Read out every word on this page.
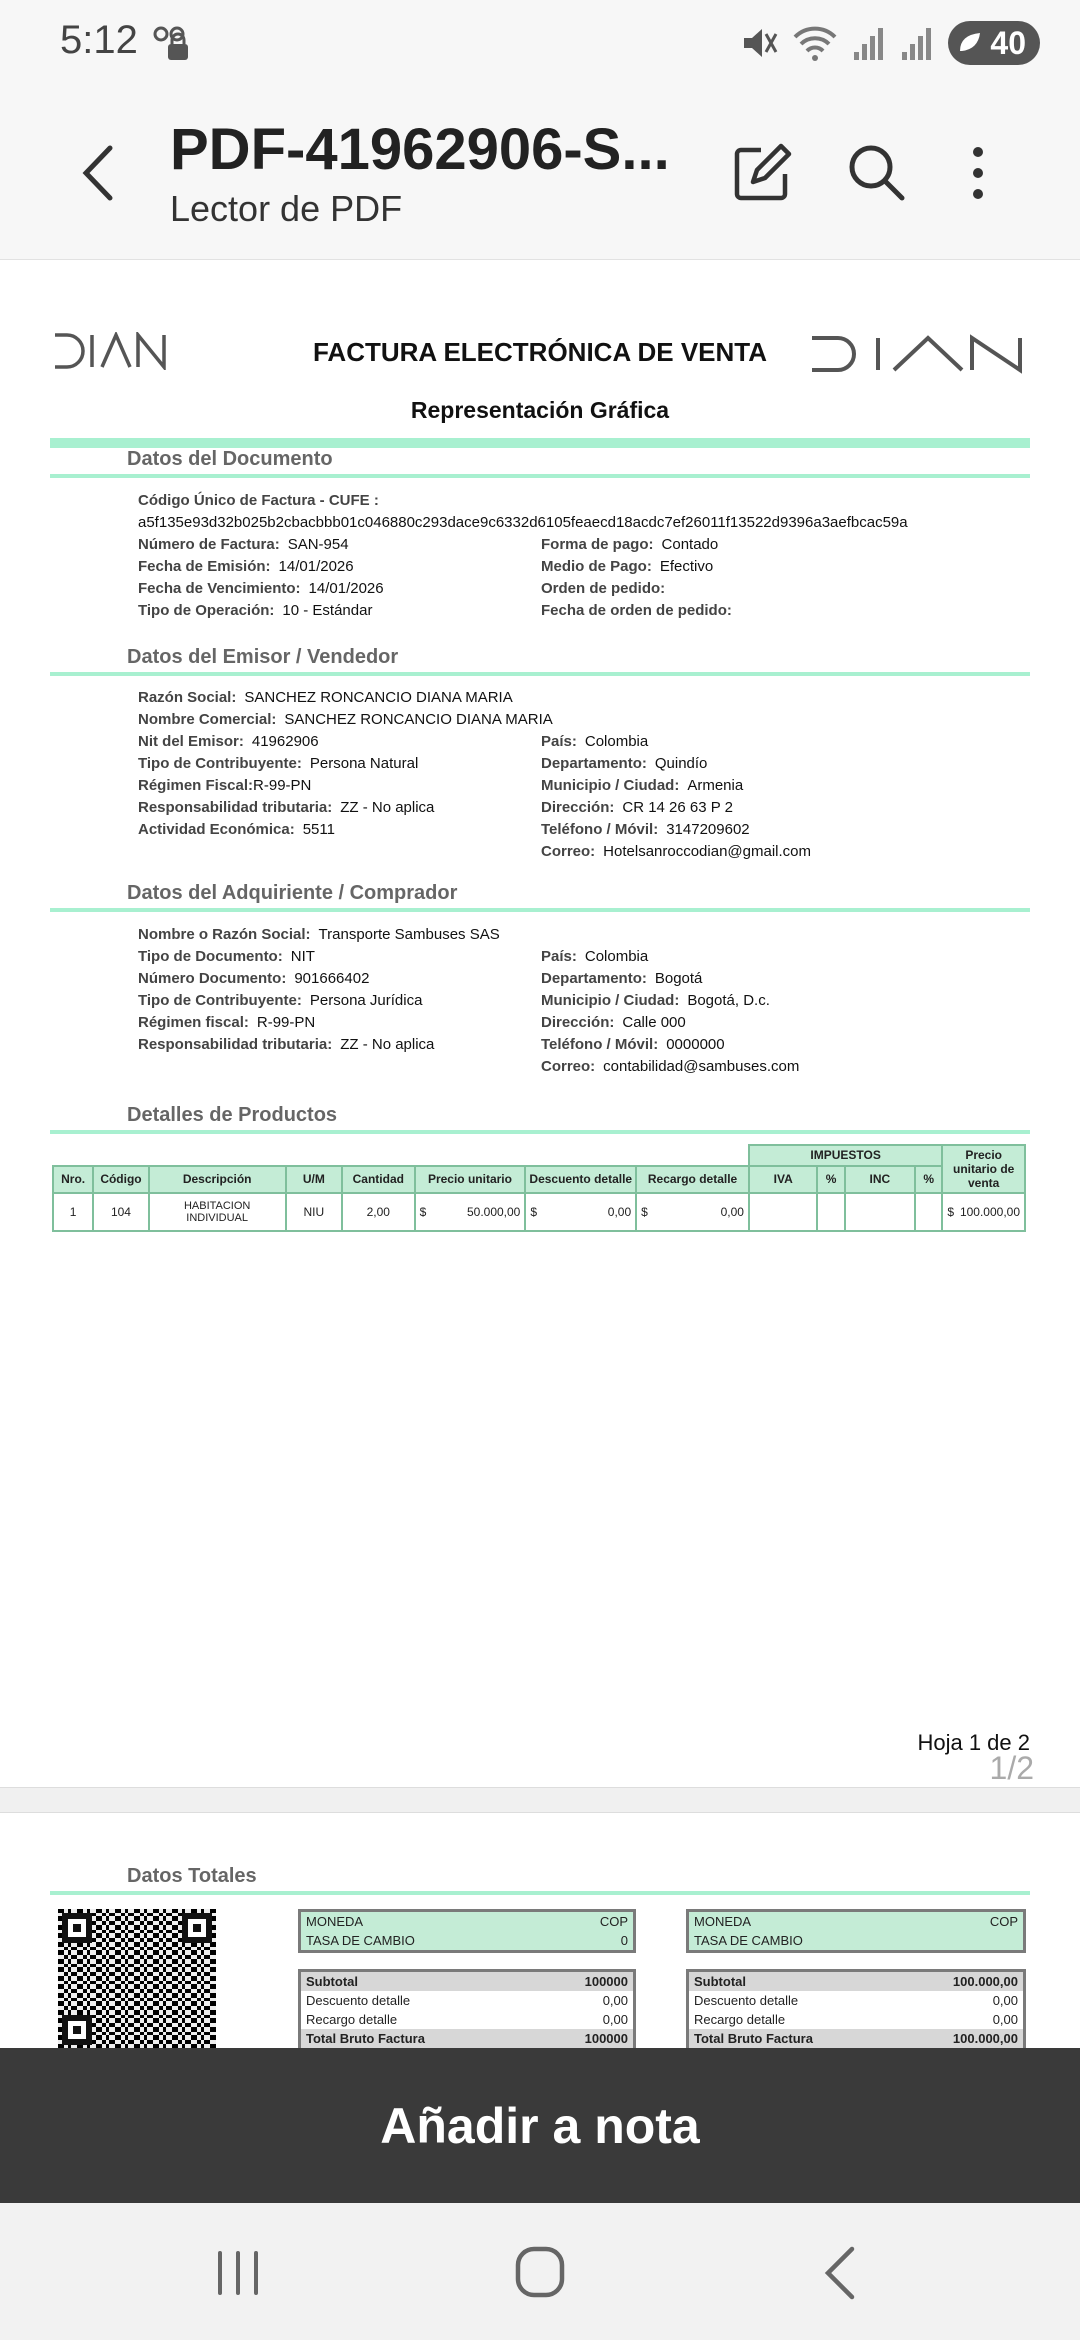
5:12	40
PDF-41962906-S...
Lector de PDF
FACTURA ELECTRÓNICA DE VENTA
Representación Gráfica
Datos del Documento
Código Único de Factura - CUFE :
a5f135e93d32b025b2cbacbbb01c046880c293dace9c6332d6105feaecd18acdc7ef26011f13522d9396a3aefbcac59a
Número de Factura: SAN-954
Fecha de Emisión: 14/01/2026
Fecha de Vencimiento: 14/01/2026
Tipo de Operación: 10 - Estándar
Forma de pago: Contado
Medio de Pago: Efectivo
Orden de pedido:
Fecha de orden de pedido:
Datos del Emisor / Vendedor
Razón Social: SANCHEZ RONCANCIO DIANA MARIA
Nombre Comercial: SANCHEZ RONCANCIO DIANA MARIA
Nit del Emisor: 41962906
Tipo de Contribuyente: Persona Natural
Régimen Fiscal:R-99-PN
Responsabilidad tributaria: ZZ - No aplica
Actividad Económica: 5511
País: Colombia
Departamento: Quindío
Municipio / Ciudad: Armenia
Dirección: CR 14 26 63 P 2
Teléfono / Móvil: 3147209602
Correo: Hotelsanroccodian@gmail.com
Datos del Adquiriente / Comprador
Nombre o Razón Social: Transporte Sambuses SAS
Tipo de Documento: NIT
Número Documento: 901666402
Tipo de Contribuyente: Persona Jurídica
Régimen fiscal: R-99-PN
Responsabilidad tributaria: ZZ - No aplica
País: Colombia
Departamento: Bogotá
Municipio / Ciudad: Bogotá, D.c.
Dirección: Calle 000
Teléfono / Móvil: 0000000
Correo: contabilidad@sambuses.com
Detalles de Productos
								IMPUESTOS				Precio unitario de venta
Nro.	Código	Descripción	U/M	Cantidad	Precio unitario	Descuento detalle	Recargo detalle	IVA	%	INC	%	
1	104	HABITACION INDIVIDUAL	NIU	2,00	$ 50.000,00	$ 0,00	$ 0,00					$ 100.000,00
Hoja 1 de 2
1/2
Datos Totales
MONEDA	COP
TASA DE CAMBIO	0
Subtotal	100000
Descuento detalle	0,00
Recargo detalle	0,00
Total Bruto Factura	100000
MONEDA	COP
TASA DE CAMBIO
Subtotal	100.000,00
Descuento detalle	0,00
Recargo detalle	0,00
Total Bruto Factura	100.000,00
Añadir a nota
